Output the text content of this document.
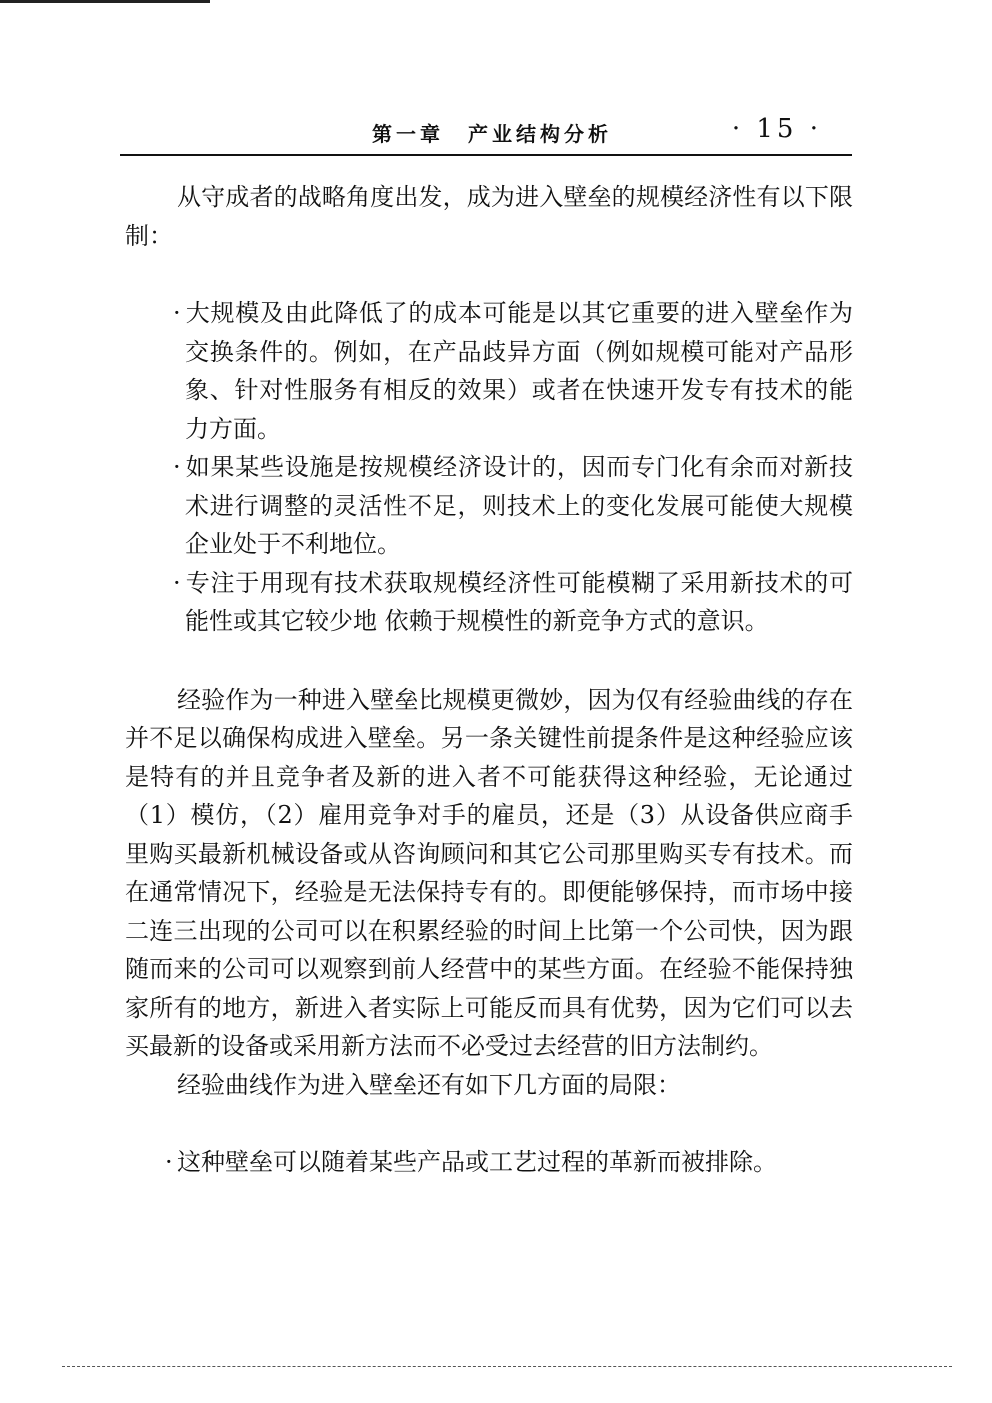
第一章　产业结构分析	· 15 ·

从守成者的战略角度出发，成为进入壁垒的规模经济性有以下限制：

· 大规模及由此降低了的成本可能是以其它重要的进入壁垒作为交换条件的。例如，在产品歧异方面（例如规模可能对产品形象、针对性服务有相反的效果）或者在快速开发专有技术的能力方面。
· 如果某些设施是按规模经济设计的，因而专门化有余而对新技术进行调整的灵活性不足，则技术上的变化发展可能使大规模企业处于不利地位。
· 专注于用现有技术获取规模经济性可能模糊了采用新技术的可能性或其它较少地 依赖于规模性的新竞争方式的意识。

经验作为一种进入壁垒比规模更微妙，因为仅有经验曲线的存在并不足以确保构成进入壁垒。另一条关键性前提条件是这种经验应该是特有的并且竞争者及新的进入者不可能获得这种经验，无论通过（1）模仿，（2）雇用竞争对手的雇员，还是（3）从设备供应商手里购买最新机械设备或从咨询顾问和其它公司那里购买专有技术。而在通常情况下，经验是无法保持专有的。即便能够保持，而市场中接二连三出现的公司可以在积累经验的时间上比第一个公司快，因为跟随而来的公司可以观察到前人经营中的某些方面。在经验不能保持独家所有的地方，新进入者实际上可能反而具有优势，因为它们可以去买最新的设备或采用新方法而不必受过去经营的旧方法制约。

经验曲线作为进入壁垒还有如下几方面的局限：

· 这种壁垒可以随着某些产品或工艺过程的革新而被排除。
